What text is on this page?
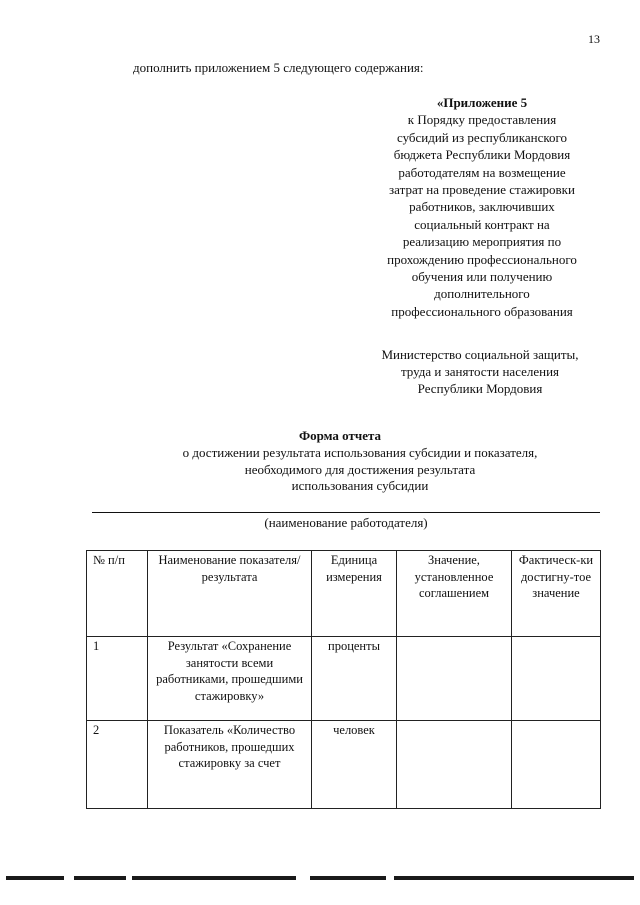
13
дополнить приложением 5 следующего содержания:
«Приложение 5
к Порядку предоставления
субсидий из республиканского
бюджета Республики Мордовия
работодателям на возмещение
затрат на проведение стажировки
работников, заключивших
социальный контракт на
реализацию мероприятия по
прохождению профессионального
обучения или получению
дополнительного
профессионального образования
Министерство социальной защиты,
труда и занятости населения
Республики Мордовия
Форма отчета
о достижении результата использования субсидии и показателя,
необходимого для достижения результата
использования субсидии
(наименование работодателя)
№ п/п	Наименование показателя/результата	Единица измерения	Значение, установленное соглашением	Фактическ-ки достигну-тое значение
1	Результат «Сохранение занятости всеми работниками, прошедшими стажировку»	проценты		
2	Показатель «Количество работников, прошедших стажировку за счет	человек		
